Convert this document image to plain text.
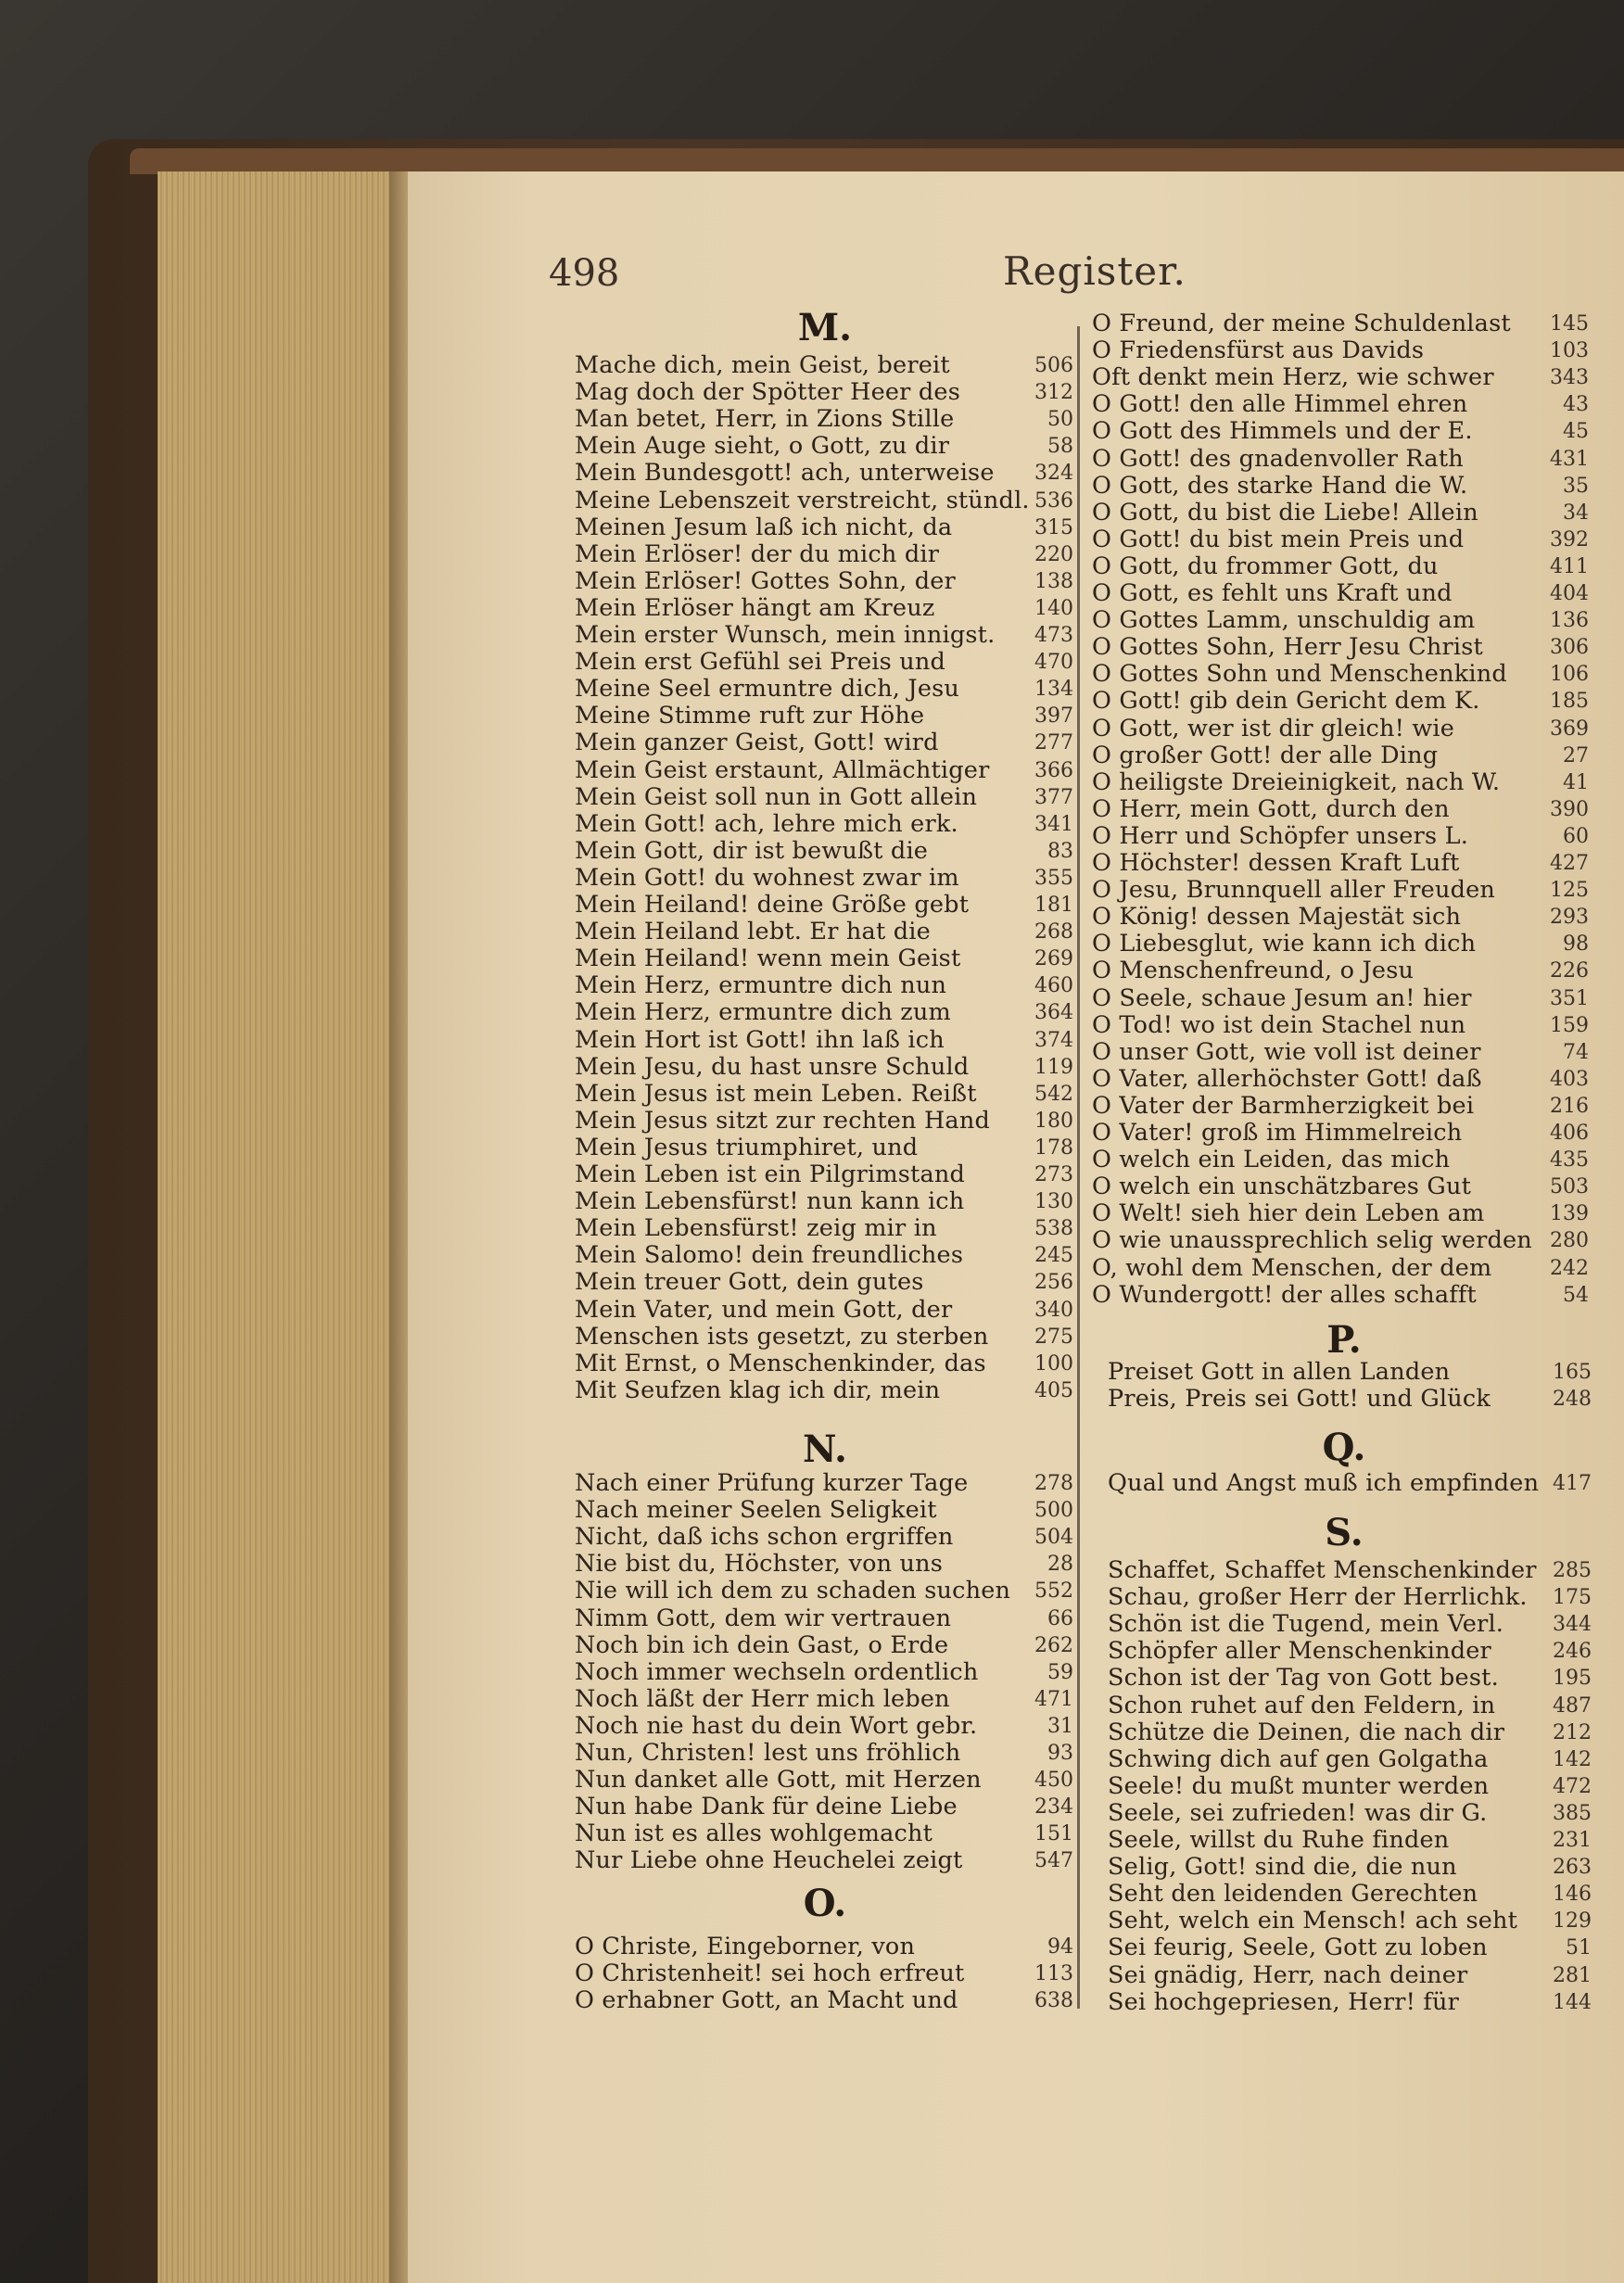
498	Register.
M.
Mache dich, mein Geist, bereit	506
Mag doch der Spötter Heer des	312
Man betet, Herr, in Zions Stille	50
Mein Auge sieht, o Gott, zu dir	58
Mein Bundesgott! ach, unterweise 324
Meine Lebenszeit verstreicht, stündl. 536
Meinen Jesum laß ich nicht, da	315
Mein Erlöser! der du mich dir	220
Mein Erlöser! Gottes Sohn, der	138
Mein Erlöser hängt am Kreuz	140
Mein erster Wunsch, mein innigst. 473
Mein erst Gefühl sei Preis und	470
Meine Seel ermuntre dich, Jesu	134
Meine Stimme ruft zur Höhe	397
Mein ganzer Geist, Gott! wird	277
Mein Geist erstaunt, Allmächtiger 366
Mein Geist soll nun in Gott allein	377
Mein Gott! ach, lehre mich erk.	341
Mein Gott, dir ist bewußt die	83
Mein Gott! du wohnest zwar im	355
Mein Heiland! deine Größe gebt	181
Mein Heiland lebt. Er hat die	268
Mein Heiland! wenn mein Geist	269
Mein Herz, ermuntre dich nun	460
Mein Herz, ermuntre dich zum	364
Mein Hort ist Gott! ihn laß ich	374
Mein Jesu, du hast unsre Schuld	119
Mein Jesus ist mein Leben. Reißt	542
Mein Jesus sitzt zur rechten Hand 180
Mein Jesus triumphiret, und	178
Mein Leben ist ein Pilgrimstand	273
Mein Lebensfürst! nun kann ich	130
Mein Lebensfürst! zeig mir in	538
Mein Salomo! dein freundliches	245
Mein treuer Gott, dein gutes	256
Mein Vater, und mein Gott, der	340
Menschen ists gesetzt, zu sterben 275
Mit Ernst, o Menschenkinder, das 100
Mit Seufzen klag ich dir, mein	405
N.
Nach einer Prüfung kurzer Tage	278
Nach meiner Seelen Seligkeit	500
Nicht, daß ichs schon ergriffen	504
Nie bist du, Höchster, von uns	28
Nie will ich dem zu schaden suchen 552
Nimm Gott, dem wir vertrauen	66
Noch bin ich dein Gast, o Erde	262
Noch immer wechseln ordentlich	59
Noch läßt der Herr mich leben	471
Noch nie hast du dein Wort gebr.	31
Nun, Christen! lest uns fröhlich	93
Nun danket alle Gott, mit Herzen	450
Nun habe Dank für deine Liebe	234
Nun ist es alles wohlgemacht	151
Nur Liebe ohne Heuchelei zeigt	547
O.
O Christe, Eingeborner, von	94
O Christenheit! sei hoch erfreut	113
O erhabner Gott, an Macht und	638
O Freund, der meine Schuldenlast 145
O Friedensfürst aus Davids	103
Oft denkt mein Herz, wie schwer	343
O Gott! den alle Himmel ehren	43
O Gott des Himmels und der E.	45
O Gott! des gnadenvoller Rath	431
O Gott, des starke Hand die W.	35
O Gott, du bist die Liebe! Allein	34
O Gott! du bist mein Preis und	392
O Gott, du frommer Gott, du	411
O Gott, es fehlt uns Kraft und	404
O Gottes Lamm, unschuldig am	136
O Gottes Sohn, Herr Jesu Christ	306
O Gottes Sohn und Menschenkind 106
O Gott! gib dein Gericht dem K.	185
O Gott, wer ist dir gleich! wie	369
O großer Gott! der alle Ding	27
O heiligste Dreieinigkeit, nach W.	41
O Herr, mein Gott, durch den	390
O Herr und Schöpfer unsers L.	60
O Höchster! dessen Kraft Luft	427
O Jesu, Brunnquell aller Freuden	125
O König! dessen Majestät sich	293
O Liebesglut, wie kann ich dich	98
O Menschenfreund, o Jesu	226
O Seele, schaue Jesum an! hier	351
O Tod! wo ist dein Stachel nun	159
O unser Gott, wie voll ist deiner	74
O Vater, allerhöchster Gott! daß	403
O Vater der Barmherzigkeit bei	216
O Vater! groß im Himmelreich	406
O welch ein Leiden, das mich	435
O welch ein unschätzbares Gut	503
O Welt! sieh hier dein Leben am	139
O wie unaussprechlich selig werden 280
O, wohl dem Menschen, der dem	242
O Wundergott! der alles schafft	54
P.
Preiset Gott in allen Landen	165
Preis, Preis sei Gott! und Glück	248
Q.
Qual und Angst muß ich empfinden 417
S.
Schaffet, Schaffet Menschenkinder 285
Schau, großer Herr der Herrlichk. 175
Schön ist die Tugend, mein Verl. 344
Schöpfer aller Menschenkinder	246
Schon ist der Tag von Gott best.	195
Schon ruhet auf den Feldern, in	487
Schütze die Deinen, die nach dir 212
Schwing dich auf gen Golgatha	142
Seele! du mußt munter werden	472
Seele, sei zufrieden! was dir G.	385
Seele, willst du Ruhe finden	231
Selig, Gott! sind die, die nun	263
Seht den leidenden Gerechten	146
Seht, welch ein Mensch! ach seht 129
Sei feurig, Seele, Gott zu loben	51
Sei gnädig, Herr, nach deiner	281
Sei hochgepriesen, Herr! für	144
